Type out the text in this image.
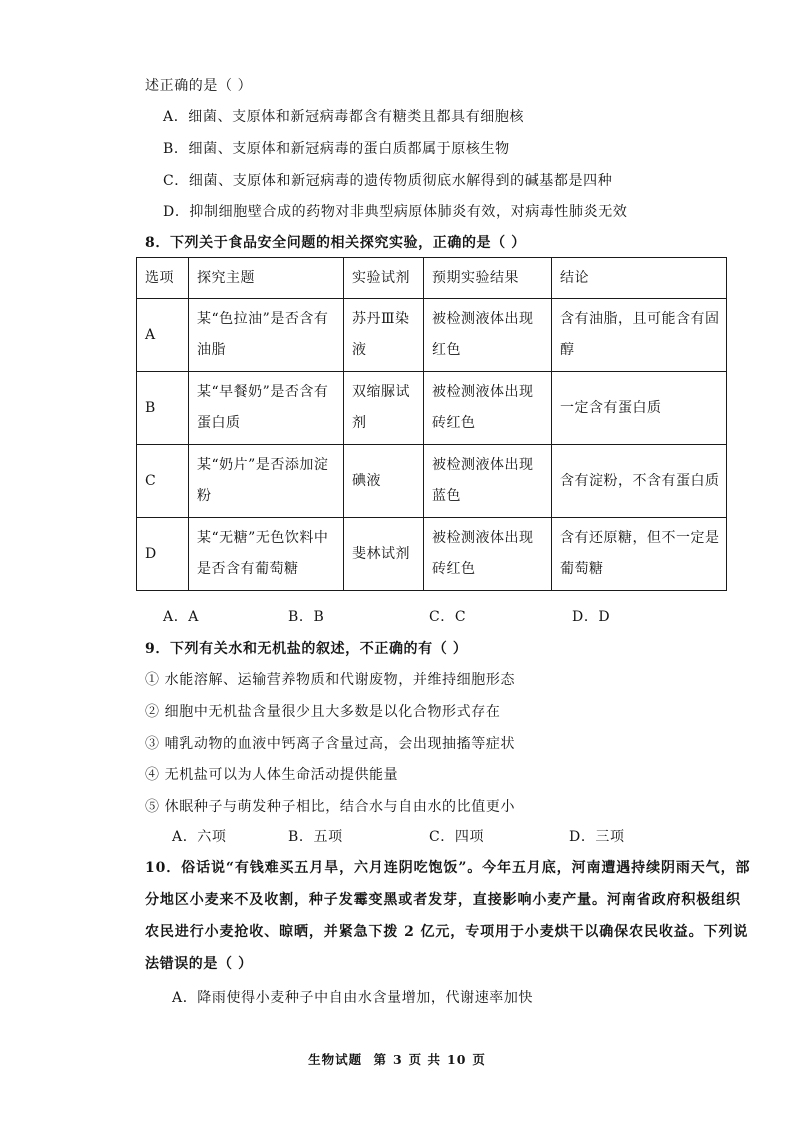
述正确的是（ ）
A．细菌、支原体和新冠病毒都含有糖类且都具有细胞核
B．细菌、支原体和新冠病毒的蛋白质都属于原核生物
C．细菌、支原体和新冠病毒的遗传物质彻底水解得到的碱基都是四种
D．抑制细胞壁合成的药物对非典型病原体肺炎有效，对病毒性肺炎无效
8．下列关于食品安全问题的相关探究实验，正确的是（ ）
选项	探究主题	实验试剂	预期实验结果	结论
A	某“色拉油”是否含有油脂	苏丹Ⅲ染液	被检测液体出现红色	含有油脂，且可能含有固醇
B	某“早餐奶”是否含有蛋白质	双缩脲试剂	被检测液体出现砖红色	一定含有蛋白质
C	某“奶片”是否添加淀粉	碘液	被检测液体出现蓝色	含有淀粉，不含有蛋白质
D	某“无糖”无色饮料中是否含有葡萄糖	斐林试剂	被检测液体出现砖红色	含有还原糖，但不一定是葡萄糖
A．A	B．B	C．C	D．D
9．下列有关水和无机盐的叙述，不正确的有（ ）
① 水能溶解、运输营养物质和代谢废物，并维持细胞形态
② 细胞中无机盐含量很少且大多数是以化合物形式存在
③ 哺乳动物的血液中钙离子含量过高，会出现抽搐等症状
④ 无机盐可以为人体生命活动提供能量
⑤ 休眠种子与萌发种子相比，结合水与自由水的比值更小
A．六项	B．五项	C．四项	D．三项
10．俗话说“有钱难买五月旱，六月连阴吃饱饭”。今年五月底，河南遭遇持续阴雨天气，部
分地区小麦来不及收割，种子发霉变黑或者发芽，直接影响小麦产量。河南省政府积极组织
农民进行小麦抢收、晾晒，并紧急下拨 2 亿元，专项用于小麦烘干以确保农民收益。下列说
法错误的是（ ）
A．降雨使得小麦种子中自由水含量增加，代谢速率加快
生物试题 第 3 页 共 10 页
